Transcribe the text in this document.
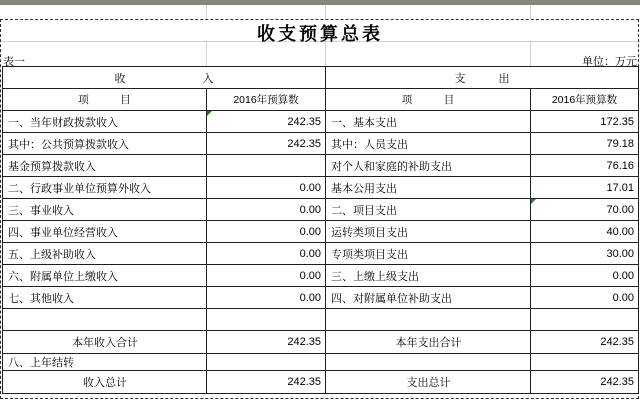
收支预算总表
表一	单位：万元
收　　　　　　　入		支　　　出	
项　　　目	2016年预算数	项　　　目	2016年预算数
一、当年财政拨款收入	242.35	一、基本支出	172.35
其中：公共预算拨款收入	242.35	其中：人员支出	79.18
基金预算拨款收入		对个人和家庭的补助支出	76.16
二、行政事业单位预算外收入	0.00	基本公用支出	17.01
三、事业收入	0.00	二、项目支出	70.00
四、事业单位经营收入	0.00	运转类项目支出	40.00
五、上级补助收入	0.00	专项类项目支出	30.00
六、附属单位上缴收入	0.00	三、上缴上级支出	0.00
七、其他收入	0.00	四、对附属单位补助支出	0.00

本年收入合计	242.35	本年支出合计	242.35
八、上年结转			
收入总计	242.35	支出总计	242.35
